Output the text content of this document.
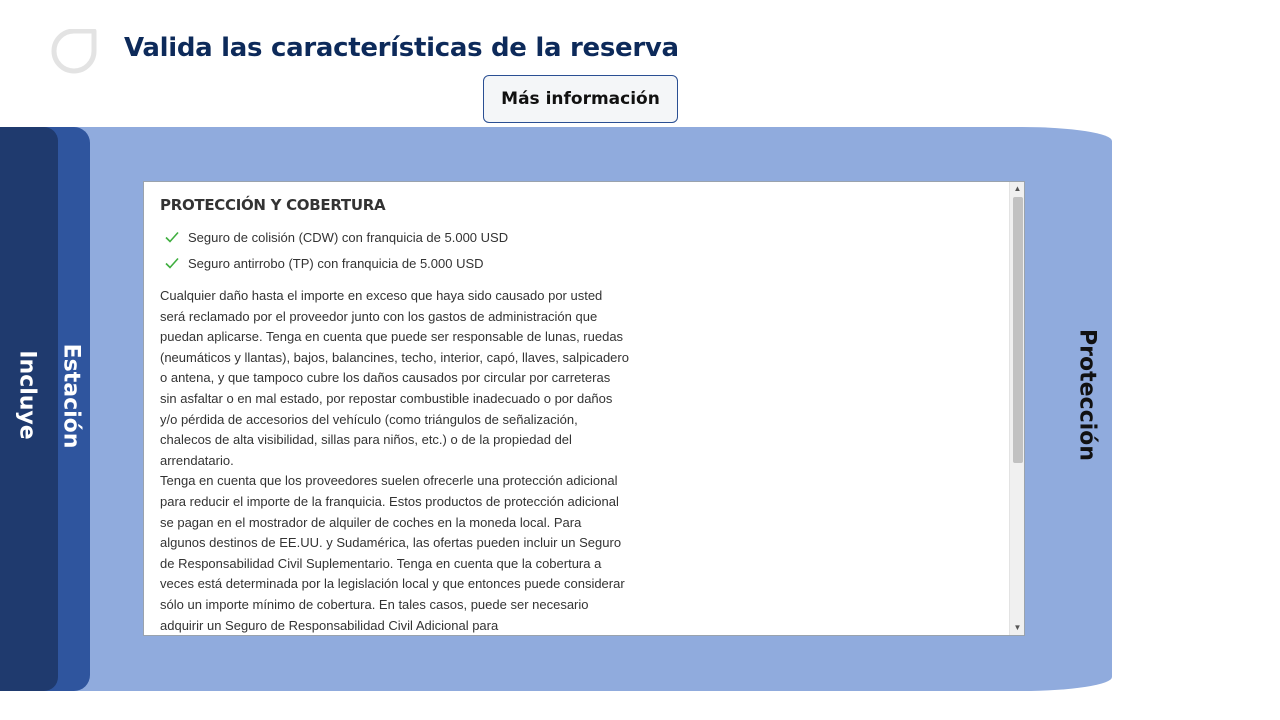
Valida las características de la reserva
Más información
Incluye Estación	Protección
PROTECCIÓN Y COBERTURA
Seguro de colisión (CDW) con franquicia de 5.000 USD
Seguro antirrobo (TP) con franquicia de 5.000 USD

Cualquier daño hasta el importe en exceso que haya sido causado por usted será reclamado por el proveedor junto con los gastos de administración que puedan aplicarse. Tenga en cuenta que puede ser responsable de lunas, ruedas (neumáticos y llantas), bajos, balancines, techo, interior, capó, llaves, salpicadero o antena, y que tampoco cubre los daños causados por circular por carreteras sin asfaltar o en mal estado, por repostar combustible inadecuado o por daños y/o pérdida de accesorios del vehículo (como triángulos de señalización, chalecos de alta visibilidad, sillas para niños, etc.) o de la propiedad del arrendatario.

Tenga en cuenta que los proveedores suelen ofrecerle una protección adicional para reducir el importe de la franquicia. Estos productos de protección adicional se pagan en el mostrador de alquiler de coches en la moneda local. Para algunos destinos de EE.UU. y Sudamérica, las ofertas pueden incluir un Seguro de Responsabilidad Civil Suplementario. Tenga en cuenta que la cobertura a veces está determinada por la legislación local y que entonces puede considerar sólo un importe mínimo de cobertura. En tales casos, puede ser necesario adquirir un Seguro de Responsabilidad Civil Adicional para

▲
▼
